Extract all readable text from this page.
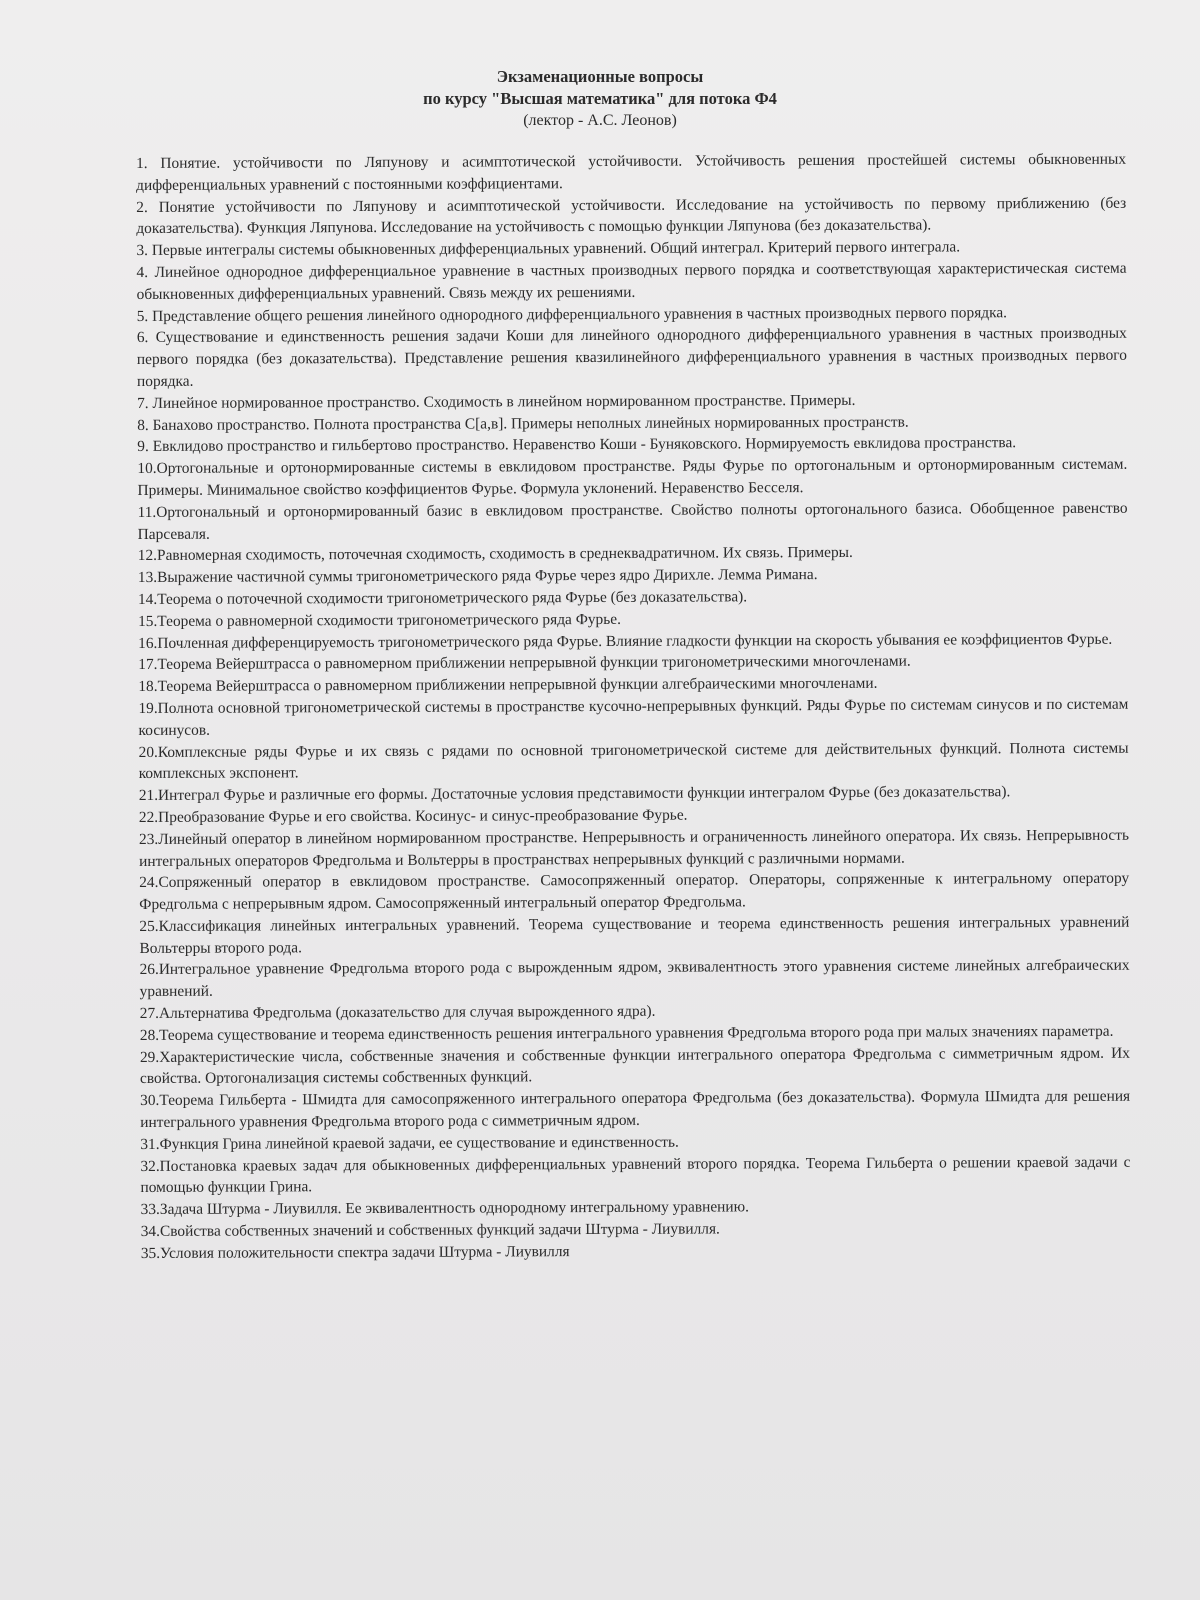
Экзаменационные вопросы
по курсу "Высшая математика" для потока Ф4
(лектор - А.С. Леонов)
1. Понятие. устойчивости по Ляпунову и асимптотической устойчивости. Устойчивость решения простейшей системы обыкновенных дифференциальных уравнений с постоянными коэффициентами.
2. Понятие устойчивости по Ляпунову и асимптотической устойчивости. Исследование на устойчивость по первому приближению (без доказательства). Функция Ляпунова. Исследование на устойчивость с помощью функции Ляпунова (без доказательства).
3. Первые интегралы системы обыкновенных дифференциальных уравнений. Общий интеграл. Критерий первого интеграла.
4. Линейное однородное дифференциальное уравнение в частных производных первого порядка и соответствующая характеристическая система обыкновенных дифференциальных уравнений. Связь между их решениями.
5. Представление общего решения линейного однородного дифференциального уравнения в частных производных первого порядка.
6. Существование и единственность решения задачи Коши для линейного однородного дифференциального уравнения в частных производных первого порядка (без доказательства). Представление решения квазилинейного дифференциального уравнения в частных производных первого порядка.
7. Линейное нормированное пространство. Сходимость в линейном нормированном пространстве. Примеры.
8. Банахово пространство. Полнота пространства С[а,в]. Примеры неполных линейных нормированных пространств.
9. Евклидово пространство и гильбертово пространство. Неравенство Коши - Буняковского. Нормируемость евклидова пространства.
10.Ортогональные и ортонормированные системы в евклидовом пространстве. Ряды Фурье по ортогональным и ортонормированным системам. Примеры. Минимальное свойство коэффициентов Фурье. Формула уклонений. Неравенство Бесселя.
11.Ортогональный и ортонормированный базис в евклидовом пространстве. Свойство полноты ортогонального базиса. Обобщенное равенство Парсеваля.
12.Равномерная сходимость, поточечная сходимость, сходимость в среднеквадратичном. Их связь. Примеры.
13.Выражение частичной суммы тригонометрического ряда Фурье через ядро Дирихле. Лемма Римана.
14.Теорема о поточечной сходимости тригонометрического ряда Фурье (без доказательства).
15.Теорема о равномерной сходимости тригонометрического ряда Фурье.
16.Почленная дифференцируемость тригонометрического ряда Фурье. Влияние гладкости функции на скорость убывания ее коэффициентов Фурье.
17.Теорема Вейерштрасса о равномерном приближении непрерывной функции тригонометрическими многочленами.
18.Теорема Вейерштрасса о равномерном приближении непрерывной функции алгебраическими многочленами.
19.Полнота основной тригонометрической системы в пространстве кусочно-непрерывных функций. Ряды Фурье по системам синусов и по системам косинусов.
20.Комплексные ряды Фурье и их связь с рядами по основной тригонометрической системе для действительных функций. Полнота системы комплексных экспонент.
21.Интеграл Фурье и различные его формы. Достаточные условия представимости функции интегралом Фурье (без доказательства).
22.Преобразование Фурье и его свойства. Косинус- и синус-преобразование Фурье.
23.Линейный оператор в линейном нормированном пространстве. Непрерывность и ограниченность линейного оператора. Их связь. Непрерывность интегральных операторов Фредгольма и Вольтерры в пространствах непрерывных функций с различными нормами.
24.Сопряженный оператор в евклидовом пространстве. Самосопряженный оператор. Операторы, сопряженные к интегральному оператору Фредгольма с непрерывным ядром. Самосопряженный интегральный оператор Фредгольма.
25.Классификация линейных интегральных уравнений. Теорема существование и теорема единственность решения интегральных уравнений Вольтерры второго рода.
26.Интегральное уравнение Фредгольма второго рода с вырожденным ядром, эквивалентность этого уравнения системе линейных алгебраических уравнений.
27.Альтернатива Фредгольма (доказательство для случая вырожденного ядра).
28.Теорема существование и теорема единственность решения интегрального уравнения Фредгольма второго рода при малых значениях параметра.
29.Характеристические числа, собственные значения и собственные функции интегрального оператора Фредгольма с симметричным ядром. Их свойства. Ортогонализация системы собственных функций.
30.Теорема Гильберта - Шмидта для самосопряженного интегрального оператора Фредгольма (без доказательства). Формула Шмидта для решения интегрального уравнения Фредгольма второго рода с симметричным ядром.
31.Функция Грина линейной краевой задачи, ее существование и единственность.
32.Постановка краевых задач для обыкновенных дифференциальных уравнений второго порядка. Теорема Гильберта о решении краевой задачи с помощью функции Грина.
33.Задача Штурма - Лиувилля. Ее эквивалентность однородному интегральному уравнению.
34.Свойства собственных значений и собственных функций задачи Штурма - Лиувилля.
35.Условия положительности спектра задачи Штурма - Лиувилля
